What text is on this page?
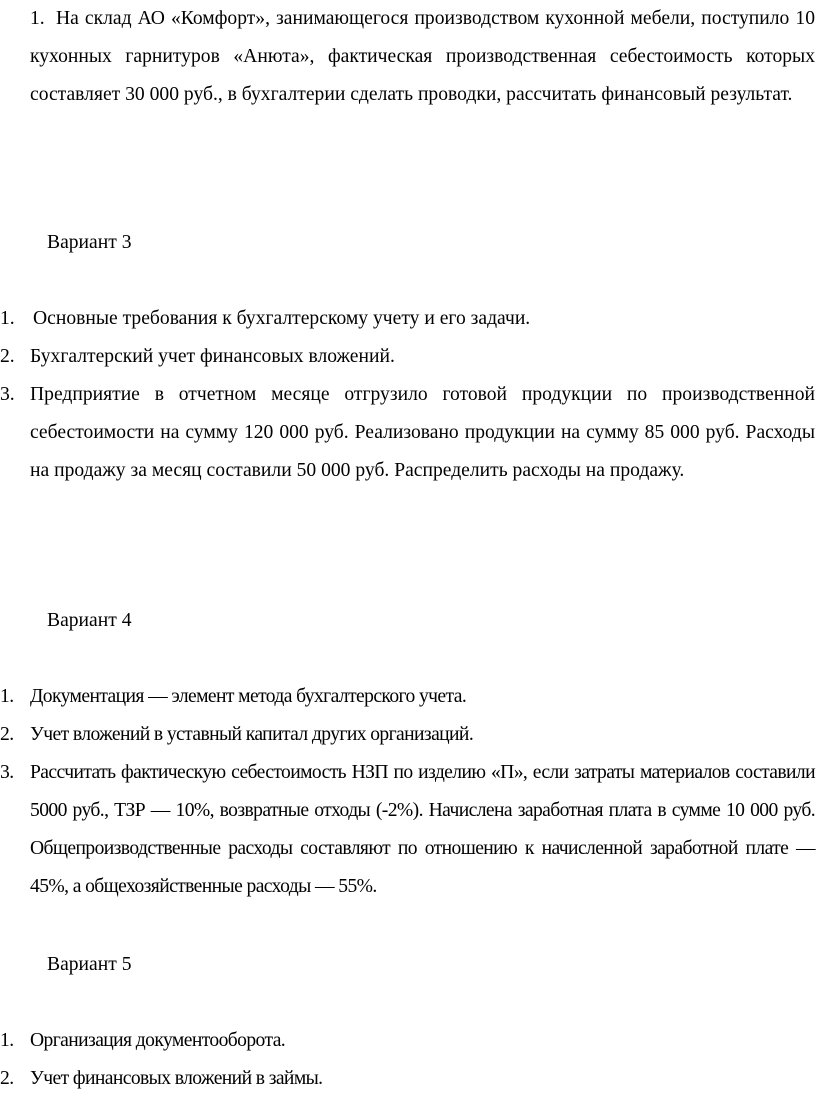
1. На склад АО «Комфорт», занимающегося производством кухонной мебели, поступило 10 кухонных гарнитуров «Анюта», фактическая производственная себестоимость которых составляет 30 000 руб., в бухгалтерии сделать проводки, рассчитать финансовый результат.
Вариант 3
1. Основные требования к бухгалтерскому учету и его задачи.
2. Бухгалтерский учет финансовых вложений.
3. Предприятие в отчетном месяце отгрузило готовой продукции по производственной себестоимости на сумму 120 000 руб. Реализовано продукции на сумму 85 000 руб. Расходы на продажу за месяц составили 50 000 руб. Распределить расходы на продажу.
Вариант 4
1. Документация — элемент метода бухгалтерского учета.
2. Учет вложений в уставный капитал других организаций.
3. Рассчитать фактическую себестоимость НЗП по изделию «П», если затраты материалов составили 5000 руб., ТЗР — 10%, возвратные отходы (-2%). Начислена заработная плата в сумме 10 000 руб. Общепроизводственные расходы составляют по отношению к начисленной заработной плате — 45%, а общехозяйственные расходы — 55%.
Вариант 5
1. Организация документооборота.
2. Учет финансовых вложений в займы.
